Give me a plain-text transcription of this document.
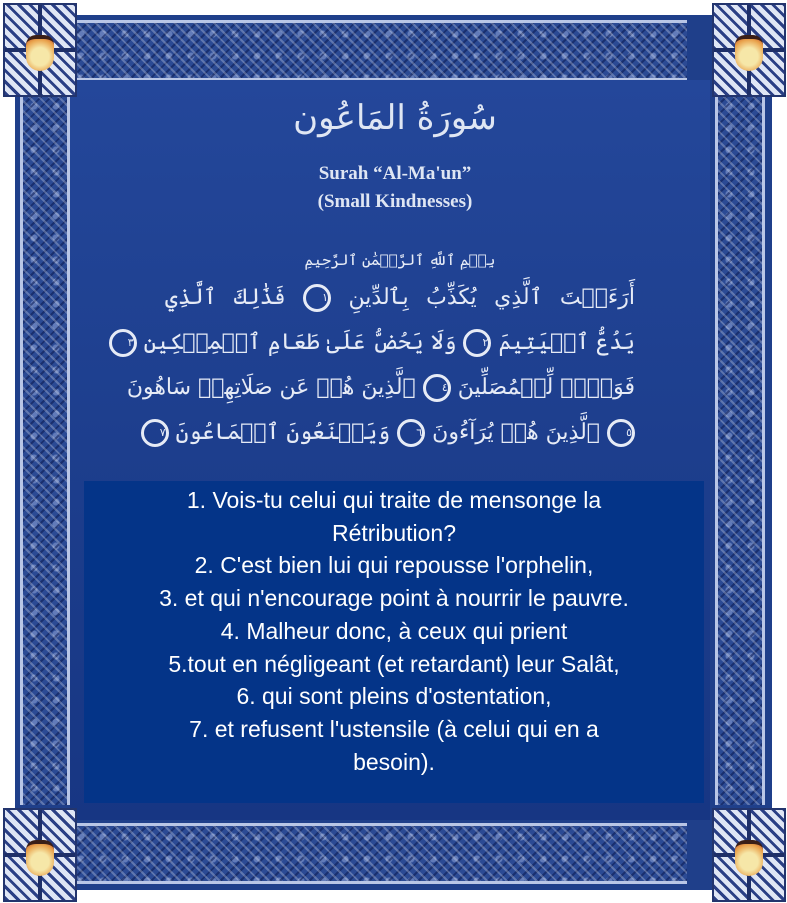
سُورَةُ المَاعُون
Surah “Al-Ma'un”
(Small Kindnesses)
بِسۡمِ ٱللَّهِ ٱلرَّحۡمَٰنِ ٱلرَّحِيمِ
أَرَءَيۡتَ ٱلَّذِي يُكَذِّبُ بِٱلدِّينِ ١ فَذَٰلِكَ ٱلَّذِي
يَدُعُّ ٱلۡيَتِيمَ ٢ وَلَا يَحُضُّ عَلَىٰ طَعَامِ ٱلۡمِسۡكِينِ ٣
فَوَيۡلٞ لِّلۡمُصَلِّينَ ٤ ٱلَّذِينَ هُمۡ عَن صَلَاتِهِمۡ سَاهُونَ
٥ ٱلَّذِينَ هُمۡ يُرَآءُونَ ٦ وَيَمۡنَعُونَ ٱلۡمَاعُونَ ٧
1. Vois-tu celui qui traite de mensonge la
Rétribution?
2. C'est bien lui qui repousse l'orphelin,
3. et qui n'encourage point à nourrir le pauvre.
4. Malheur donc, à ceux qui prient
5.tout en négligeant (et retardant) leur Salât,
6. qui sont pleins d'ostentation,
7. et refusent l'ustensile (à celui qui en a
besoin).
